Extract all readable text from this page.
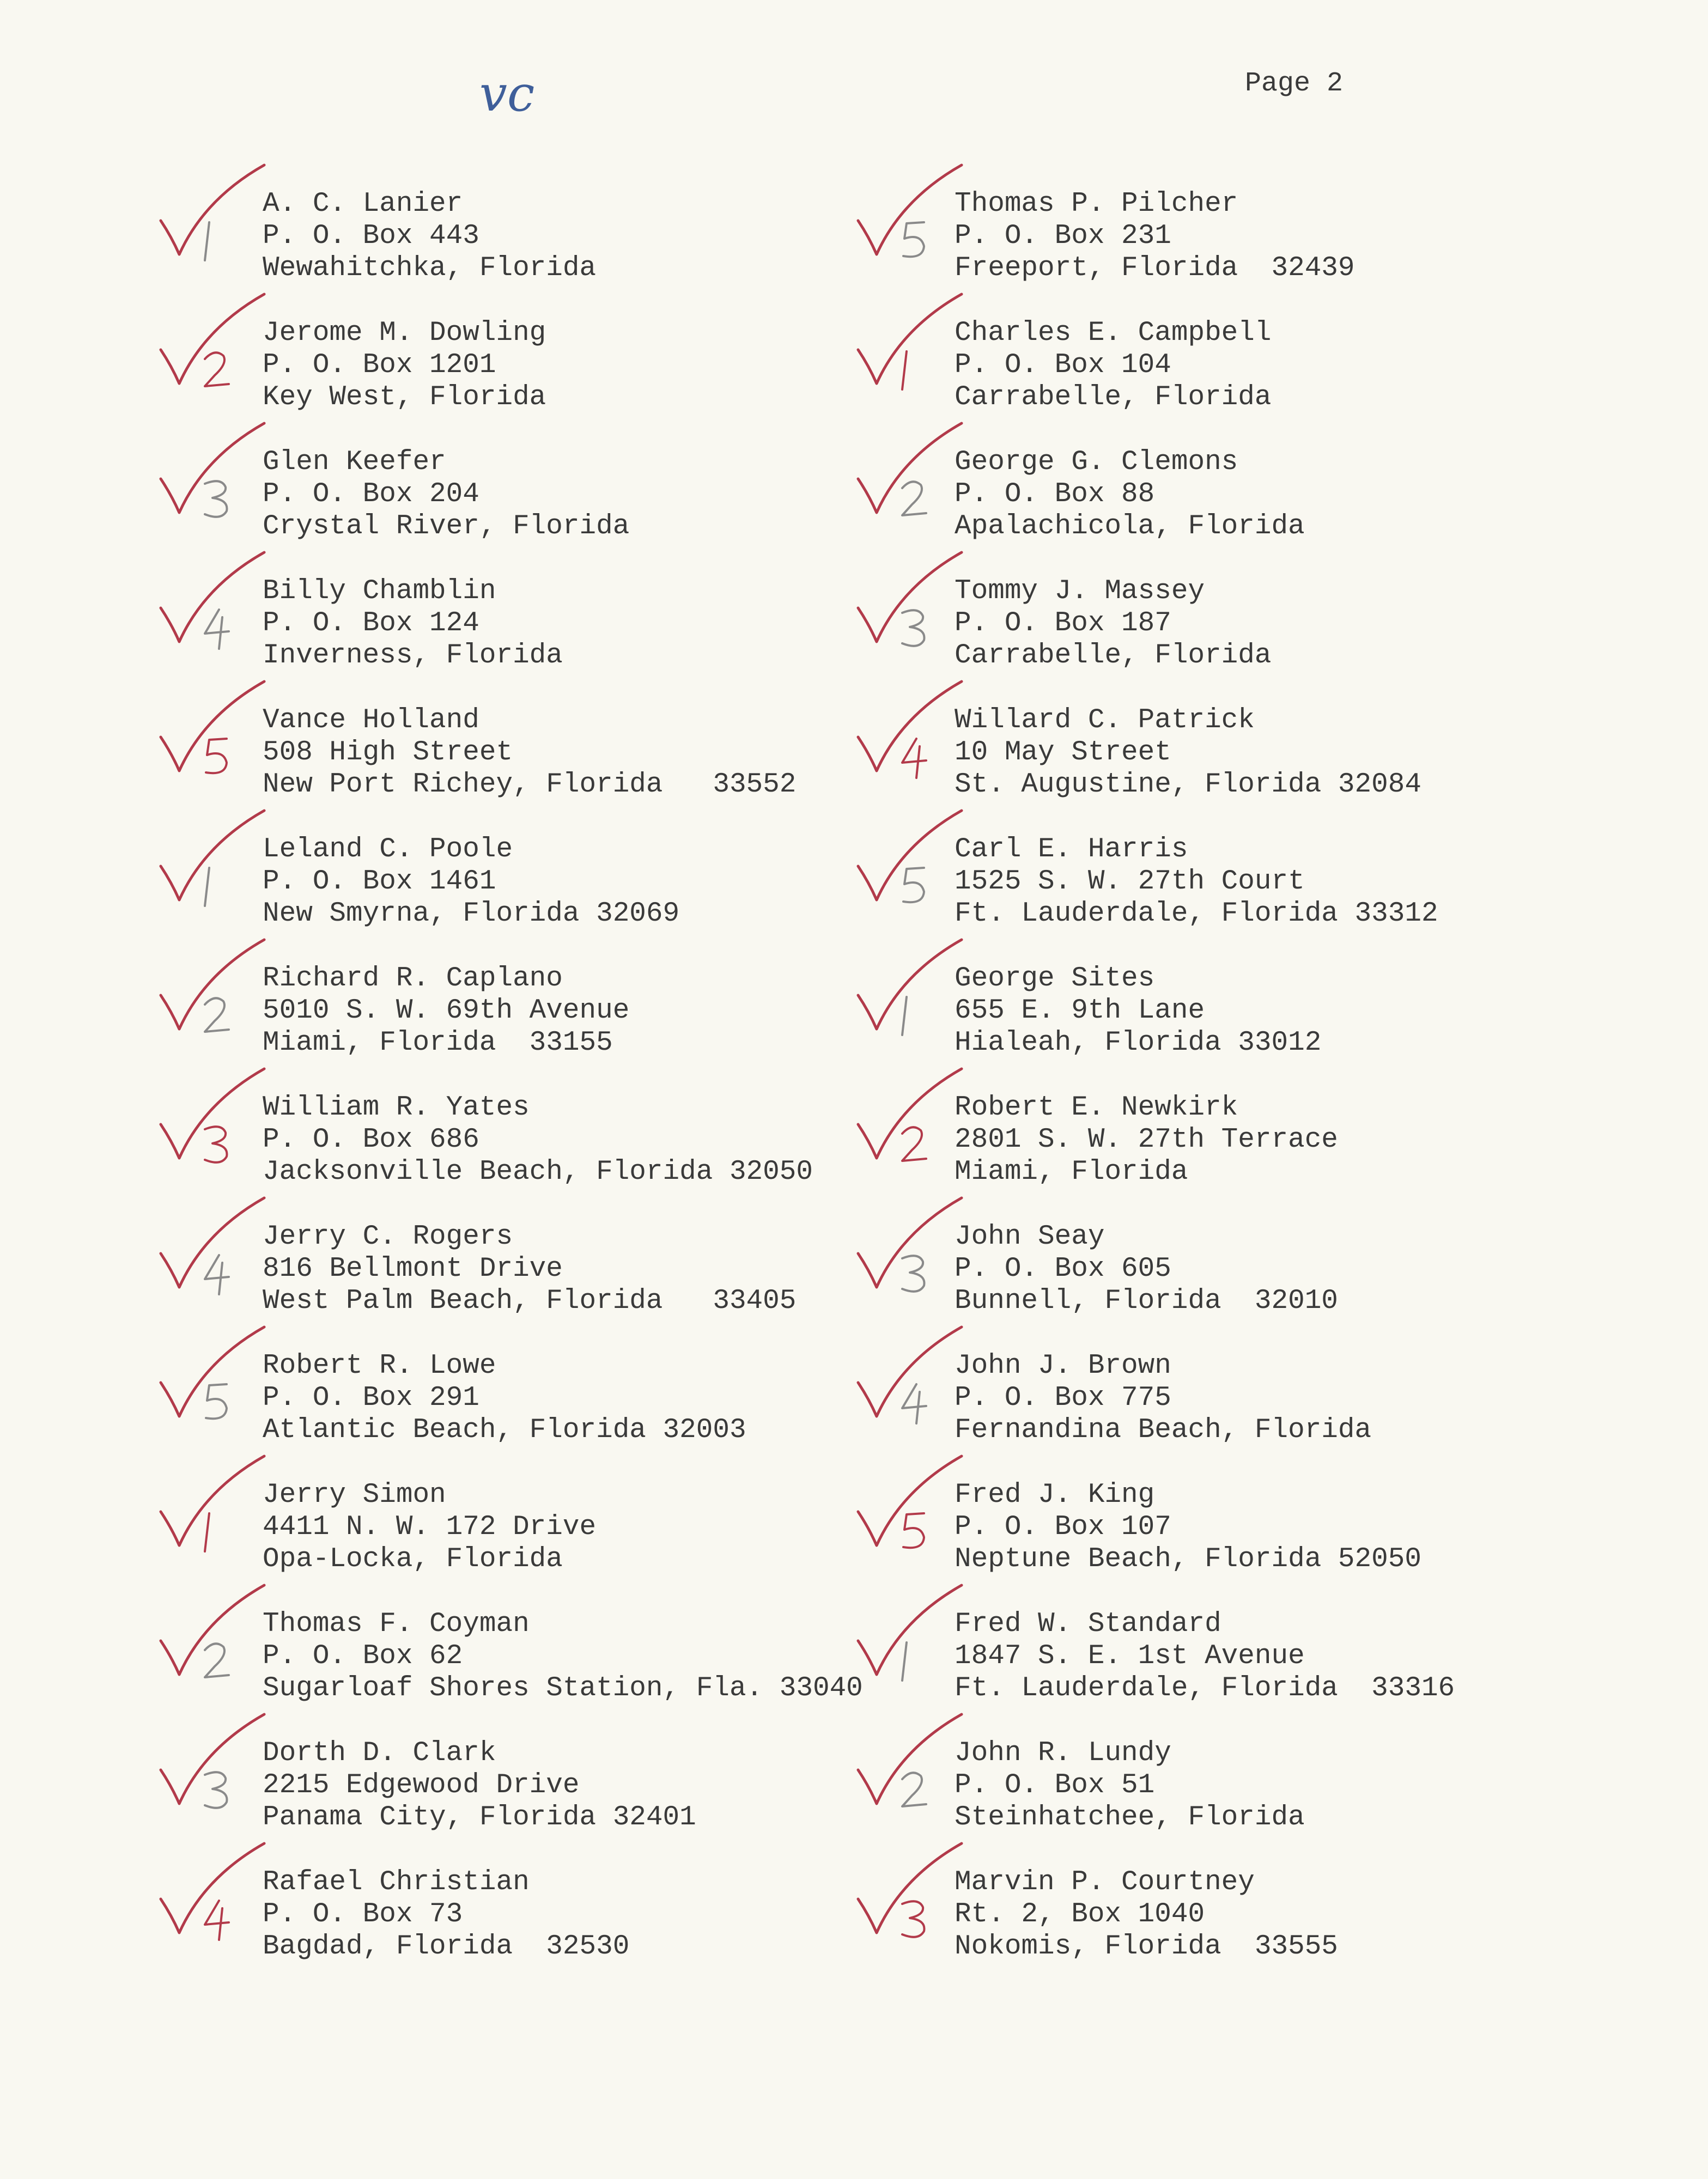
Page 2
vc
A. C. Lanier
P. O. Box 443
Wewahitchka, Florida
Jerome M. Dowling
P. O. Box 1201
Key West, Florida
Glen Keefer
P. O. Box 204
Crystal River, Florida
Billy Chamblin
P. O. Box 124
Inverness, Florida
Vance Holland
508 High Street
New Port Richey, Florida   33552
Leland C. Poole
P. O. Box 1461
New Smyrna, Florida 32069
Richard R. Caplano
5010 S. W. 69th Avenue
Miami, Florida  33155
William R. Yates
P. O. Box 686
Jacksonville Beach, Florida 32050
Jerry C. Rogers
816 Bellmont Drive
West Palm Beach, Florida   33405
Robert R. Lowe
P. O. Box 291
Atlantic Beach, Florida 32003
Jerry Simon
4411 N. W. 172 Drive
Opa-Locka, Florida
Thomas F. Coyman
P. O. Box 62
Sugarloaf Shores Station, Fla. 33040
Dorth D. Clark
2215 Edgewood Drive
Panama City, Florida 32401
Rafael Christian
P. O. Box 73
Bagdad, Florida  32530
Thomas P. Pilcher
P. O. Box 231
Freeport, Florida  32439
Charles E. Campbell
P. O. Box 104
Carrabelle, Florida
George G. Clemons
P. O. Box 88
Apalachicola, Florida
Tommy J. Massey
P. O. Box 187
Carrabelle, Florida
Willard C. Patrick
10 May Street
St. Augustine, Florida 32084
Carl E. Harris
1525 S. W. 27th Court
Ft. Lauderdale, Florida 33312
George Sites
655 E. 9th Lane
Hialeah, Florida 33012
Robert E. Newkirk
2801 S. W. 27th Terrace
Miami, Florida
John Seay
P. O. Box 605
Bunnell, Florida  32010
John J. Brown
P. O. Box 775
Fernandina Beach, Florida
Fred J. King
P. O. Box 107
Neptune Beach, Florida 52050
Fred W. Standard
1847 S. E. 1st Avenue
Ft. Lauderdale, Florida  33316
John R. Lundy
P. O. Box 51
Steinhatchee, Florida
Marvin P. Courtney
Rt. 2, Box 1040
Nokomis, Florida  33555
